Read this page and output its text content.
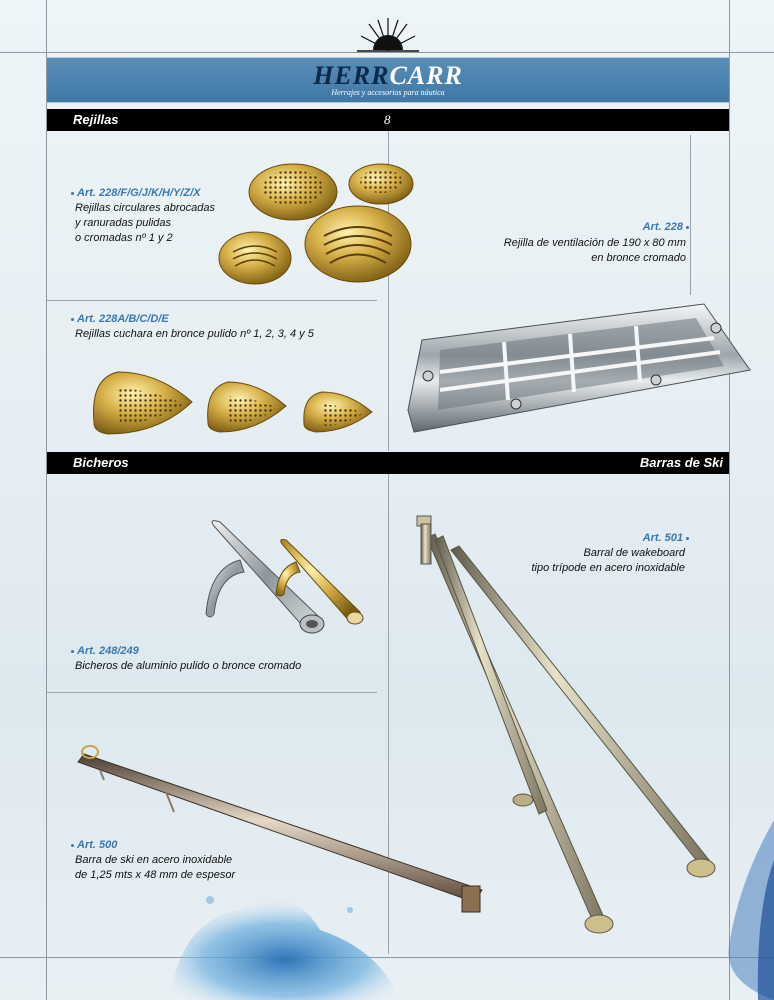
HERRCARR
Herrajes y accesorios para náutica
Rejillas	8
Art. 228/F/G/J/K/H/Y/Z/X
Rejillas circulares abrocadas
y ranuradas pulidas
o cromadas nº 1 y 2
Art. 228
Rejilla de ventilación de 190 x 80 mm
en bronce cromado
Art. 228A/B/C/D/E
Rejillas cuchara en bronce pulido nº 1, 2, 3, 4 y 5
Bicheros	Barras de Ski
Art. 248/249
Bicheros de aluminio pulido o bronce cromado
Art. 501
Barral de wakeboard
tipo trípode en acero inoxidable
Art. 500
Barra de ski en acero inoxidable
de 1,25 mts x 48 mm de espesor
